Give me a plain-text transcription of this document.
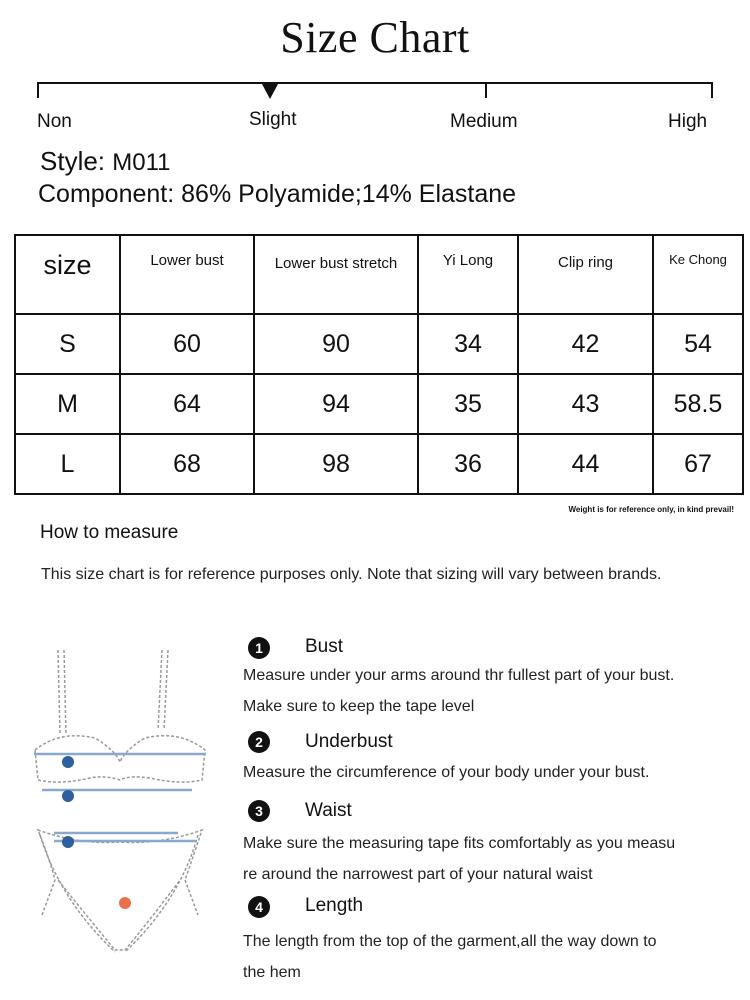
Size Chart
Non	Slight	Medium	High
Style: M011
Component: 86% Polyamide;14% Elastane
size	Lower bust	Lower bust stretch	Yi Long	Clip ring	Ke Chong
S	60	90	34	42	54
M	64	94	35	43	58.5
L	68	98	36	44	67
Weight is for reference only, in kind prevail!
How to measure
This size chart is for reference purposes only. Note that sizing will vary between brands.
1	Bust
Measure under your arms around thr fullest part of your bust.
Make sure to keep the tape level
2	Underbust
Measure the circumference of your body under your bust.
3	Waist
Make sure the measuring tape fits comfortably as you measu
re around the narrowest part of your natural waist
4	Length
The length from the top of the garment,all the way down to
the hem
